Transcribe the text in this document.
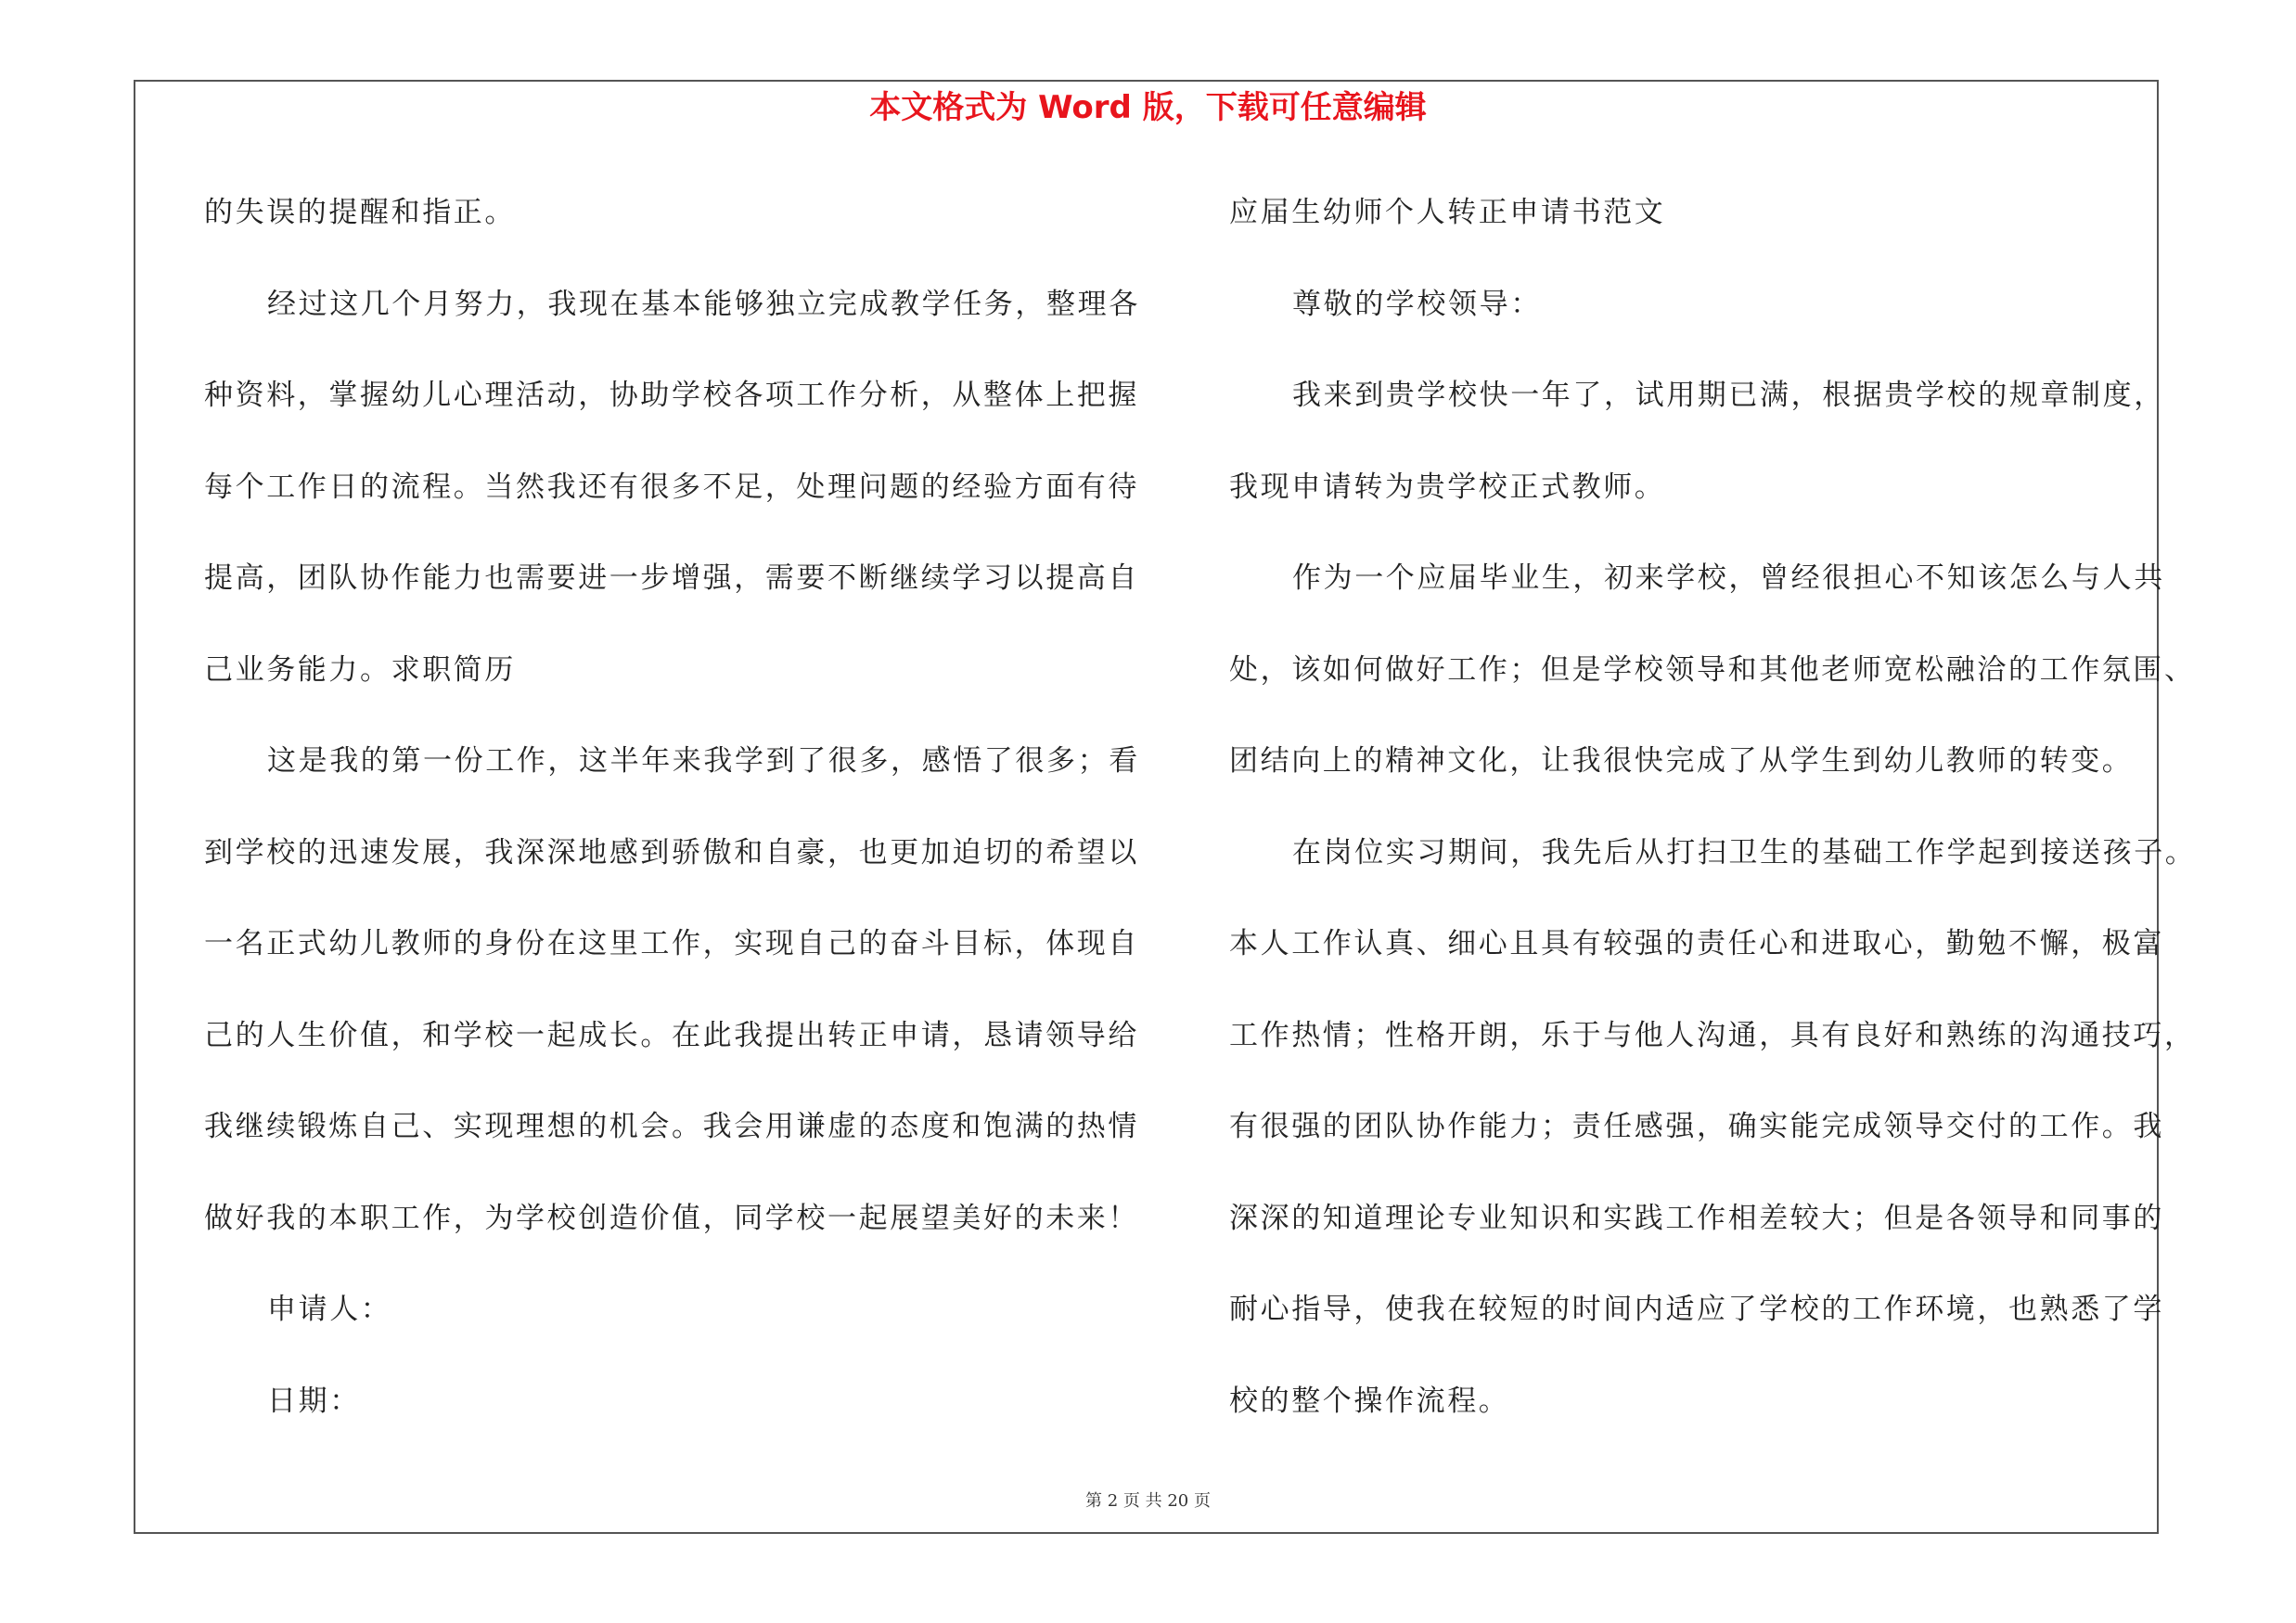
本文格式为 Word 版，下载可任意编辑
的失误的提醒和指正。
经过这几个月努力，我现在基本能够独立完成教学任务，整理各
种资料，掌握幼儿心理活动，协助学校各项工作分析，从整体上把握
每个工作日的流程。当然我还有很多不足，处理问题的经验方面有待
提高，团队协作能力也需要进一步增强，需要不断继续学习以提高自
己业务能力。求职简历
这是我的第一份工作，这半年来我学到了很多，感悟了很多；看
到学校的迅速发展，我深深地感到骄傲和自豪，也更加迫切的希望以
一名正式幼儿教师的身份在这里工作，实现自己的奋斗目标，体现自
己的人生价值，和学校一起成长。在此我提出转正申请，恳请领导给
我继续锻炼自己、实现理想的机会。我会用谦虚的态度和饱满的热情
做好我的本职工作，为学校创造价值，同学校一起展望美好的未来！
申请人：
日期：
应届生幼师个人转正申请书范文
尊敬的学校领导：
我来到贵学校快一年了，试用期已满，根据贵学校的规章制度，
我现申请转为贵学校正式教师。
作为一个应届毕业生，初来学校，曾经很担心不知该怎么与人共
处，该如何做好工作；但是学校领导和其他老师宽松融洽的工作氛围、
团结向上的精神文化，让我很快完成了从学生到幼儿教师的转变。
在岗位实习期间，我先后从打扫卫生的基础工作学起到接送孩子。
本人工作认真、细心且具有较强的责任心和进取心，勤勉不懈，极富
工作热情；性格开朗，乐于与他人沟通，具有良好和熟练的沟通技巧，
有很强的团队协作能力；责任感强，确实能完成领导交付的工作。我
深深的知道理论专业知识和实践工作相差较大；但是各领导和同事的
耐心指导，使我在较短的时间内适应了学校的工作环境，也熟悉了学
校的整个操作流程。
第 2 页 共 20 页
